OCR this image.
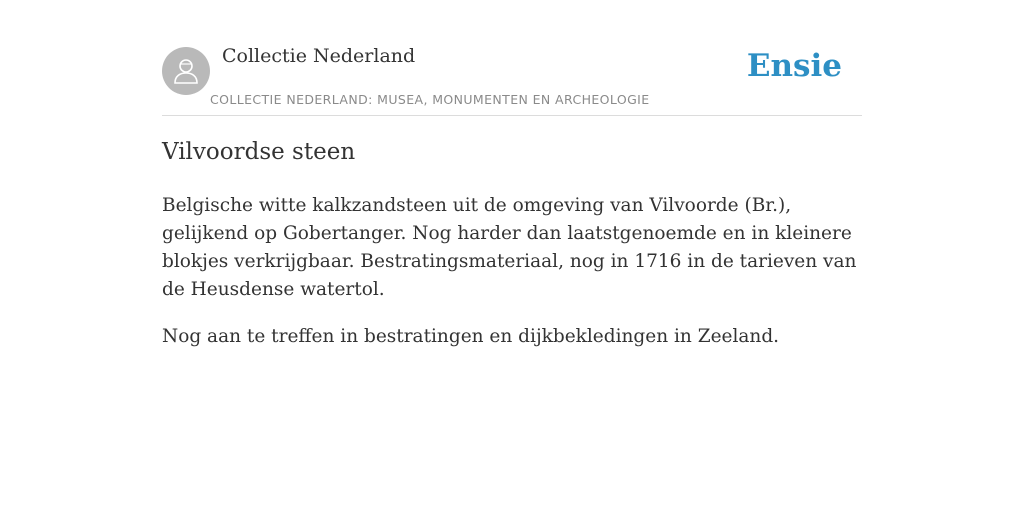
Collectie Nederland
COLLECTIE NEDERLAND: MUSEA, MONUMENTEN EN ARCHEOLOGIE
Ensie
Vilvoordse steen

Belgische witte kalkzandsteen uit de omgeving van Vilvoorde (Br.), gelijkend op Gobertanger. Nog harder dan laatstgenoemde en in kleinere blokjes verkrijgbaar. Bestratingsmateriaal, nog in 1716 in de tarieven van de Heusdense watertol.

Nog aan te treffen in bestratingen en dijkbekledingen in Zeeland.
